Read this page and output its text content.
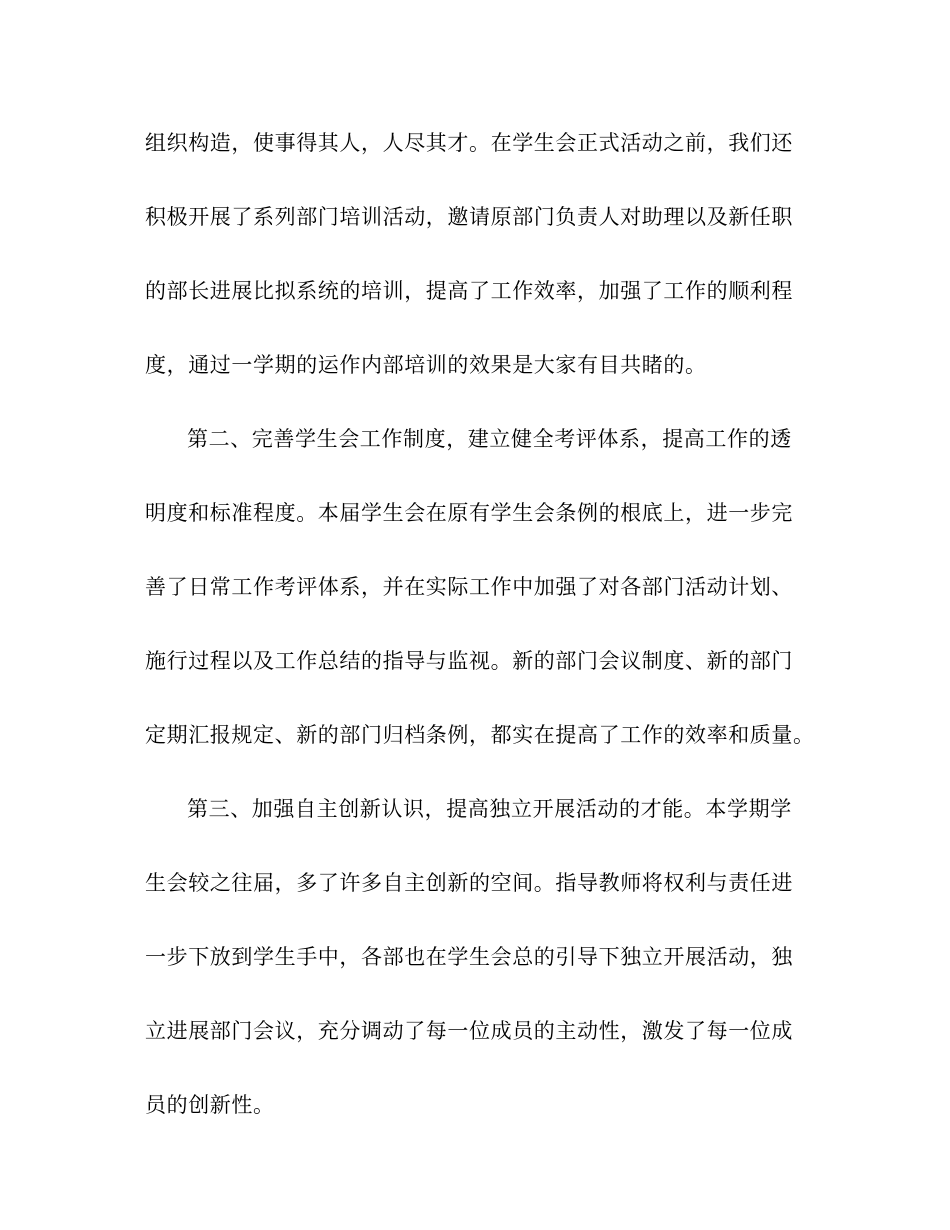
组织构造，使事得其人，人尽其才。在学生会正式活动之前，我们还
积极开展了系列部门培训活动，邀请原部门负责人对助理以及新任职
的部长进展比拟系统的培训，提高了工作效率，加强了工作的顺利程
度，通过一学期的运作内部培训的效果是大家有目共睹的。
第二、完善学生会工作制度，建立健全考评体系，提高工作的透
明度和标准程度。本届学生会在原有学生会条例的根底上，进一步完
善了日常工作考评体系，并在实际工作中加强了对各部门活动计划、
施行过程以及工作总结的指导与监视。新的部门会议制度、新的部门
定期汇报规定、新的部门归档条例，都实在提高了工作的效率和质量。
第三、加强自主创新认识，提高独立开展活动的才能。本学期学
生会较之往届，多了许多自主创新的空间。指导教师将权利与责任进
一步下放到学生手中，各部也在学生会总的引导下独立开展活动，独
立进展部门会议，充分调动了每一位成员的主动性，激发了每一位成
员的创新性。
